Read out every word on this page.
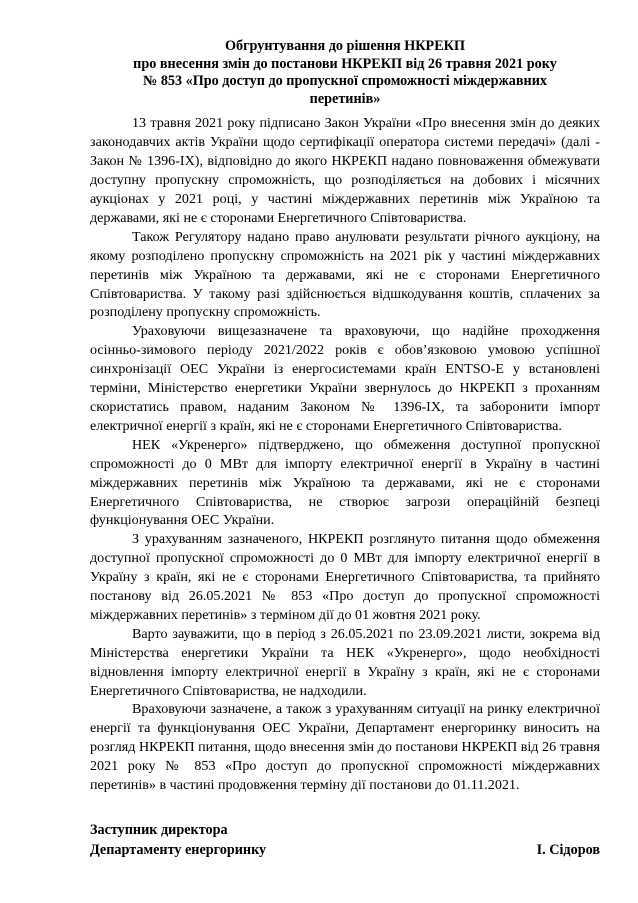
Обгрунтування до рішення НКРЕКП
про внесення змін до постанови НКРЕКП від 26 травня 2021 року
№ 853 «Про доступ до пропускної спроможності міждержавних
перетинів»

13 травня 2021 року підписано Закон України «Про внесення змін до деяких законодавчих актів України щодо сертифікації оператора системи передачі» (далі - Закон № 1396-IX), відповідно до якого НКРЕКП надано повноваження обмежувати доступну пропускну спроможність, що розподіляється на добових і місячних аукціонах у 2021 році, у частині міждержавних перетинів між Україною та державами, які не є сторонами Енергетичного Співтовариства.

Також Регулятору надано право анулювати результати річного аукціону, на якому розподілено пропускну спроможність на 2021 рік у частині міждержавних перетинів між Україною та державами, які не є сторонами Енергетичного Співтовариства. У такому разі здійснюється відшкодування коштів, сплачених за розподілену пропускну спроможність.

Ураховуючи вищезазначене та враховуючи, що надійне проходження осінньо-зимового періоду 2021/2022 років є обов’язковою умовою успішної синхронізації ОЕС України із енергосистемами країн ENTSO-E у встановлені терміни, Міністерство енергетики України звернулось до НКРЕКП з проханням скористатись правом, наданим Законом № 1396-IX, та заборонити імпорт електричної енергії з країн, які не є сторонами Енергетичного Співтовариства.

НЕК «Укренерго» підтверджено, що обмеження доступної пропускної спроможності до 0 МВт для імпорту електричної енергії в Україну в частині міждержавних перетинів між Україною та державами, які не є сторонами Енергетичного Співтовариства, не створює загрози операційній безпеці функціонування ОЕС України.

З урахуванням зазначеного, НКРЕКП розглянуто питання щодо обмеження доступної пропускної спроможності до 0 МВт для імпорту електричної енергії в Україну з країн, які не є сторонами Енергетичного Співтовариства, та прийнято постанову від 26.05.2021 № 853 «Про доступ до пропускної спроможності міждержавних перетинів» з терміном дії до 01 жовтня 2021 року.

Варто зауважити, що в період з 26.05.2021 по 23.09.2021 листи, зокрема від Міністерства енергетики України та НЕК «Укренерго», щодо необхідності відновлення імпорту електричної енергії в Україну з країн, які не є сторонами Енергетичного Співтовариства, не надходили.

Враховуючи зазначене, а також з урахуванням ситуації на ринку електричної енергії та функціонування ОЕС України, Департамент енергоринку виносить на розгляд НКРЕКП питання, щодо внесення змін до постанови НКРЕКП від 26 травня 2021 року № 853 «Про доступ до пропускної спроможності міждержавних перетинів» в частині продовження терміну дії постанови до 01.11.2021.

Заступник директора
Департаменту енергоринку	І. Сідоров
